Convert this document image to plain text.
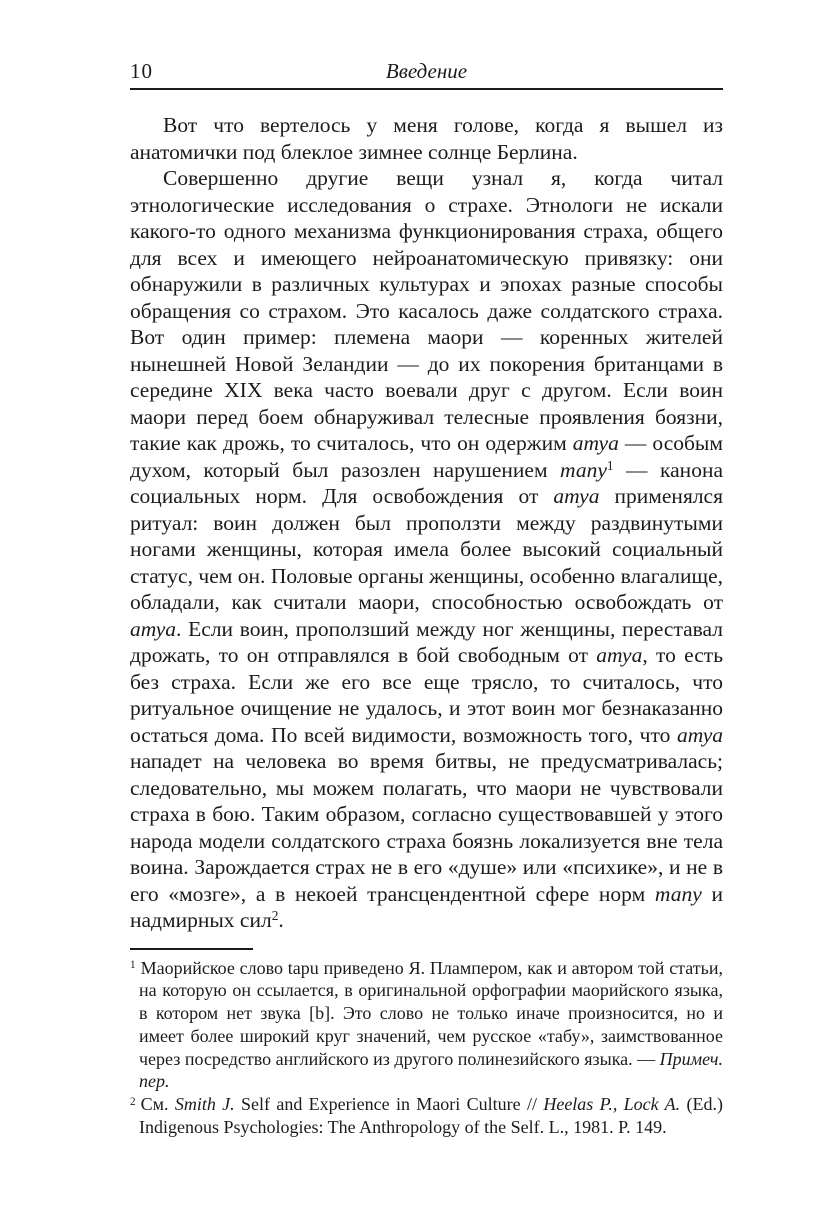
10	Введение

Вот что вертелось у меня голове, когда я вышел из анатомички под блеклое зимнее солнце Берлина.

Совершенно другие вещи узнал я, когда читал этнологические исследования о страхе. Этнологи не искали какого-то одного механизма функционирования страха, общего для всех и имеющего нейроанатомическую привязку: они обнаружили в различных культурах и эпохах разные способы обращения со страхом. Это касалось даже солдатского страха. Вот один пример: племена маори — коренных жителей нынешней Новой Зеландии — до их покорения британцами в середине XIX века часто воевали друг с другом. Если воин маори перед боем обнаруживал телесные проявления боязни, такие как дрожь, то считалось, что он одержим атуа — особым духом, который был разозлен нарушением тапу$^1$ — канона социальных норм. Для освобождения от атуа применялся ритуал: воин должен был проползти между раздвинутыми ногами женщины, которая имела более высокий социальный статус, чем он. Половые органы женщины, особенно влагалище, обладали, как считали маори, способностью освобождать от атуа. Если воин, проползший между ног женщины, переставал дрожать, то он отправлялся в бой свободным от атуа, то есть без страха. Если же его все еще трясло, то считалось, что ритуальное очищение не удалось, и этот воин мог безнаказанно остаться дома. По всей видимости, возможность того, что атуа нападет на человека во время битвы, не предусматривалась; следовательно, мы можем полагать, что маори не чувствовали страха в бою. Таким образом, согласно существовавшей у этого народа модели солдатского страха боязнь локализуется вне тела воина. Зарождается страх не в его «душе» или «психике», и не в его «мозге», а в некоей трансцендентной сфере норм тапу и надмирных сил$^2$.

$^1$ Маорийское слово tapu приведено Я. Плампером, как и автором той статьи, на которую он ссылается, в оригинальной орфографии маорийского языка, в котором нет звука [b]. Это слово не только иначе произносится, но и имеет более широкий круг значений, чем русское «табу», заимствованное через посредство английского из другого полинезийского языка. — Примеч. пер.

$^2$ См. Smith J. Self and Experience in Maori Culture // Heelas P., Lock A. (Ed.) Indigenous Psychologies: The Anthropology of the Self. L., 1981. P. 149.
